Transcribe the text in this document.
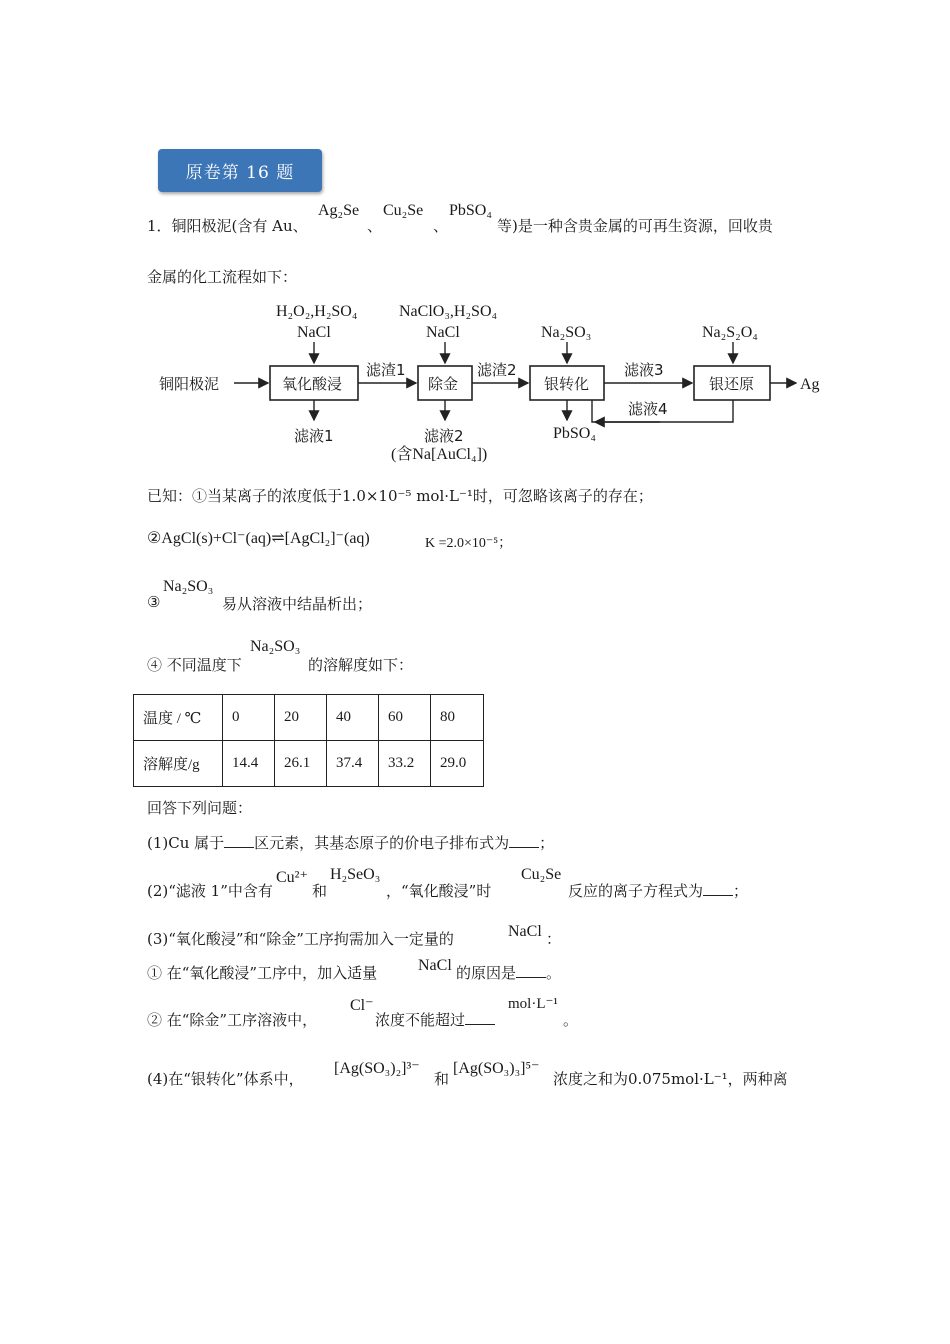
原卷第 16 题
1．铜阳极泥(含有 Au、
Ag₂Se
、
Cu₂Se
、
PbSO₄
等)是一种含贵金属的可再生资源，回收贵
金属的化工流程如下：
铜阳极泥	氧化酸浸
H₂O₂,H₂SO₄
NaCl
滤液1
滤渣1
除金
NaClO₃,H₂SO₄
NaCl
滤液2
(含Na[AuCl₄])
滤渣2
银转化
Na₂SO₃
PbSO₄
滤液3
银还原
Na₂S₂O₄
滤液4
Ag
已知：①当某离子的浓度低于1.0×10⁻⁵ mol·L⁻¹时，可忽略该离子的存在；
②AgCl(s)+Cl⁻(aq)⇌[AgCl₂]⁻(aq)	K =2.0×10⁻⁵；
③
Na₂SO₃
易从溶液中结晶析出；
④ 不同温度下
Na₂SO₃
的溶解度如下：
温度 / ℃	0	20	40	60	80
溶解度/g	14.4	26.1	37.4	33.2	29.0
回答下列问题：
(1)Cu 属于 区元素，其基态原子的价电子排布式为 ；
(2)“滤液 1”中含有
Cu²⁺
和
H₂SeO₃
，“氧化酸浸”时
Cu₂Se
反应的离子方程式为 ；
(3)“氧化酸浸”和“除金”工序拘需加入一定量的	NaCl ：
① 在“氧化酸浸”工序中，加入适量	NaCl 的原因是 。
② 在“除金”工序溶液中，
Cl⁻
浓度不能超过
mol·L⁻¹
。
(4)在“银转化”体系中，
[Ag(SO₃)₂]³⁻
和
[Ag(SO₃)₃]⁵⁻
浓度之和为0.075mol·L⁻¹，两种离
